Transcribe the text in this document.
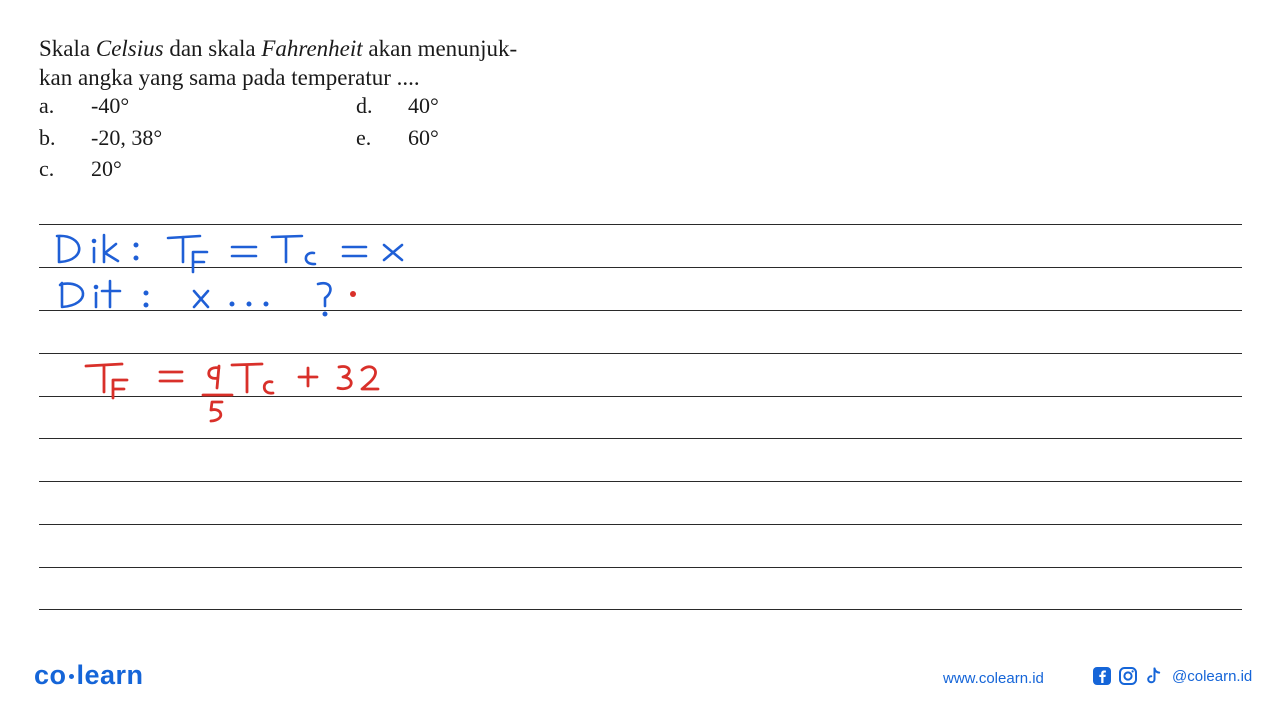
Skala Celsius dan skala Fahrenheit akan menunjuk-
kan angka yang sama pada temperatur ....
a. -40°
b. -20, 38°
c. 20°
d. 40°
e. 60°
co learn	www.colearn.id	@colearn.id
